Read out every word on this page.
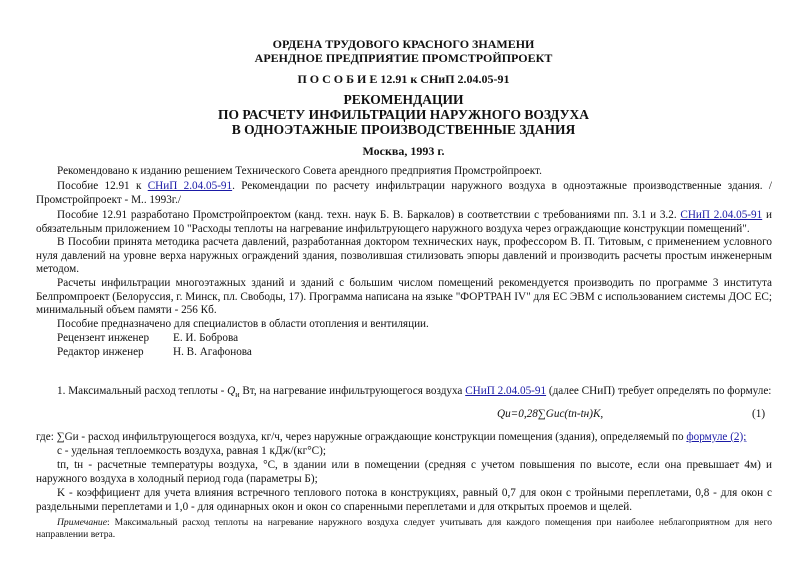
ОРДЕНА ТРУДОВОГО КРАСНОГО ЗНАМЕНИ
АРЕНДНОЕ ПРЕДПРИЯТИЕ ПРОМСТРОЙПРОЕКТ
П О С О Б И Е 12.91 к СНиП 2.04.05-91
РЕКОМЕНДАЦИИ
ПО РАСЧЕТУ ИНФИЛЬТРАЦИИ НАРУЖНОГО ВОЗДУХА
В ОДНОЭТАЖНЫЕ ПРОИЗВОДСТВЕННЫЕ ЗДАНИЯ
Москва, 1993 г.
Рекомендовано к изданию решением Технического Совета арендного предприятия Промстройпроект.
Пособие 12.91 к СНиП 2.04.05-91. Рекомендации по расчету инфильтрации наружного воздуха в одноэтажные производственные здания. /Промстройпроект - М.. 1993г./
Пособие 12.91 разработано Промстройпроектом (канд. техн. наук Б. В. Баркалов) в соответствии с требованиями пп. 3.1 и 3.2. СНиП 2.04.05-91 и обязательным приложением 10 "Расходы теплоты на нагревание инфильтрующего наружного воздуха через ограждающие конструкции помещений".
В Пособии принята методика расчета давлений, разработанная доктором технических наук, профессором В. П. Титовым, с применением условного нуля давлений на уровне верха наружных ограждений здания, позволившая стилизовать эпюры давлений и производить расчеты простым инженерным методом.
Расчеты инфильтрации многоэтажных зданий и зданий с большим числом помещений рекомендуется производить по программе 3 института Белпромпроект (Белоруссия, г. Минск, пл. Свободы, 17). Программа написана на языке "ФОРТРАН IV" для ЕС ЭВМ с использованием системы ДОС ЕС; минимальный объем памяти - 256 Кб.
Пособие предназначено для специалистов в области отопления и вентиляции.
Рецензент инженер Е. И. Боброва
Редактор инженер	Н. В. Агафонова
1. Максимальный расход теплоты - $Q_и$ Вт, на нагревание инфильтрующегося воздуха СНиП 2.04.05-91 (далее СНиП) требует определять по формуле:
Qи=0,28∑Gиc(tп-tн)K,	(1)
где: ∑Gи - расход инфильтрующегося воздуха, кг/ч, через наружные ограждающие конструкции помещения (здания), определяемый по формуле (2);
c - удельная теплоемкость воздуха, равная 1 кДж/(кг°С);
tп, tн - расчетные температуры воздуха, °С, в здании или в помещении (средняя с учетом повышения по высоте, если она превышает 4м) и наружного воздуха в холодный период года (параметры Б);
K - коэффициент для учета влияния встречного теплового потока в конструкциях, равный 0,7 для окон с тройными переплетами, 0,8 - для окон с раздельными переплетами и 1,0 - для одинарных окон и окон со спаренными переплетами и для открытых проемов и щелей.
Примечание: Максимальный расход теплоты на нагревание наружного воздуха следует учитывать для каждого помещения при наиболее неблагоприятном для него направлении ветра.
